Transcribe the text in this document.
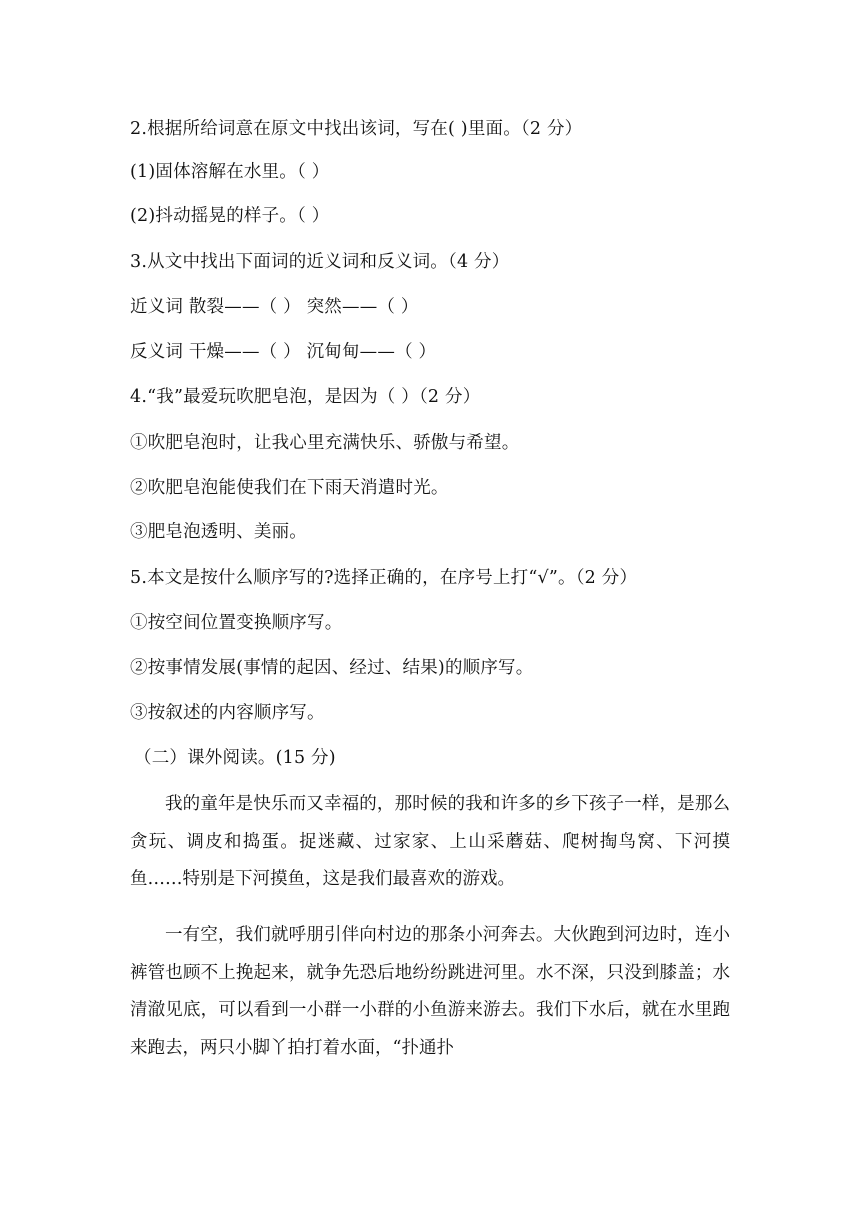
2.根据所给词意在原文中找出该词，写在( )里面。（2 分）
(1)固体溶解在水里。（ ）
(2)抖动摇晃的样子。（ ）
3.从文中找出下面词的近义词和反义词。（4 分）
近义词 散裂——（ ） 突然——（ ）
反义词 干燥——（ ） 沉甸甸——（ ）
4.“我”最爱玩吹肥皂泡，是因为（ ）（2 分）
①吹肥皂泡时，让我心里充满快乐、骄傲与希望。
②吹肥皂泡能使我们在下雨天消遣时光。
③肥皂泡透明、美丽。
5.本文是按什么顺序写的?选择正确的，在序号上打“√”。（2 分）
①按空间位置变换顺序写。
②按事情发展(事情的起因、经过、结果)的顺序写。
③按叙述的内容顺序写。
（二）课外阅读。(15 分)
我的童年是快乐而又幸福的，那时候的我和许多的乡下孩子一样，是那么贪玩、调皮和捣蛋。捉迷藏、过家家、上山采蘑菇、爬树掏鸟窝、下河摸鱼……特别是下河摸鱼，这是我们最喜欢的游戏。
一有空，我们就呼朋引伴向村边的那条小河奔去。大伙跑到河边时，连小裤管也顾不上挽起来，就争先恐后地纷纷跳进河里。水不深，只没到膝盖；水清澈见底，可以看到一小群一小群的小鱼游来游去。我们下水后，就在水里跑来跑去，两只小脚丫拍打着水面，“扑通扑
